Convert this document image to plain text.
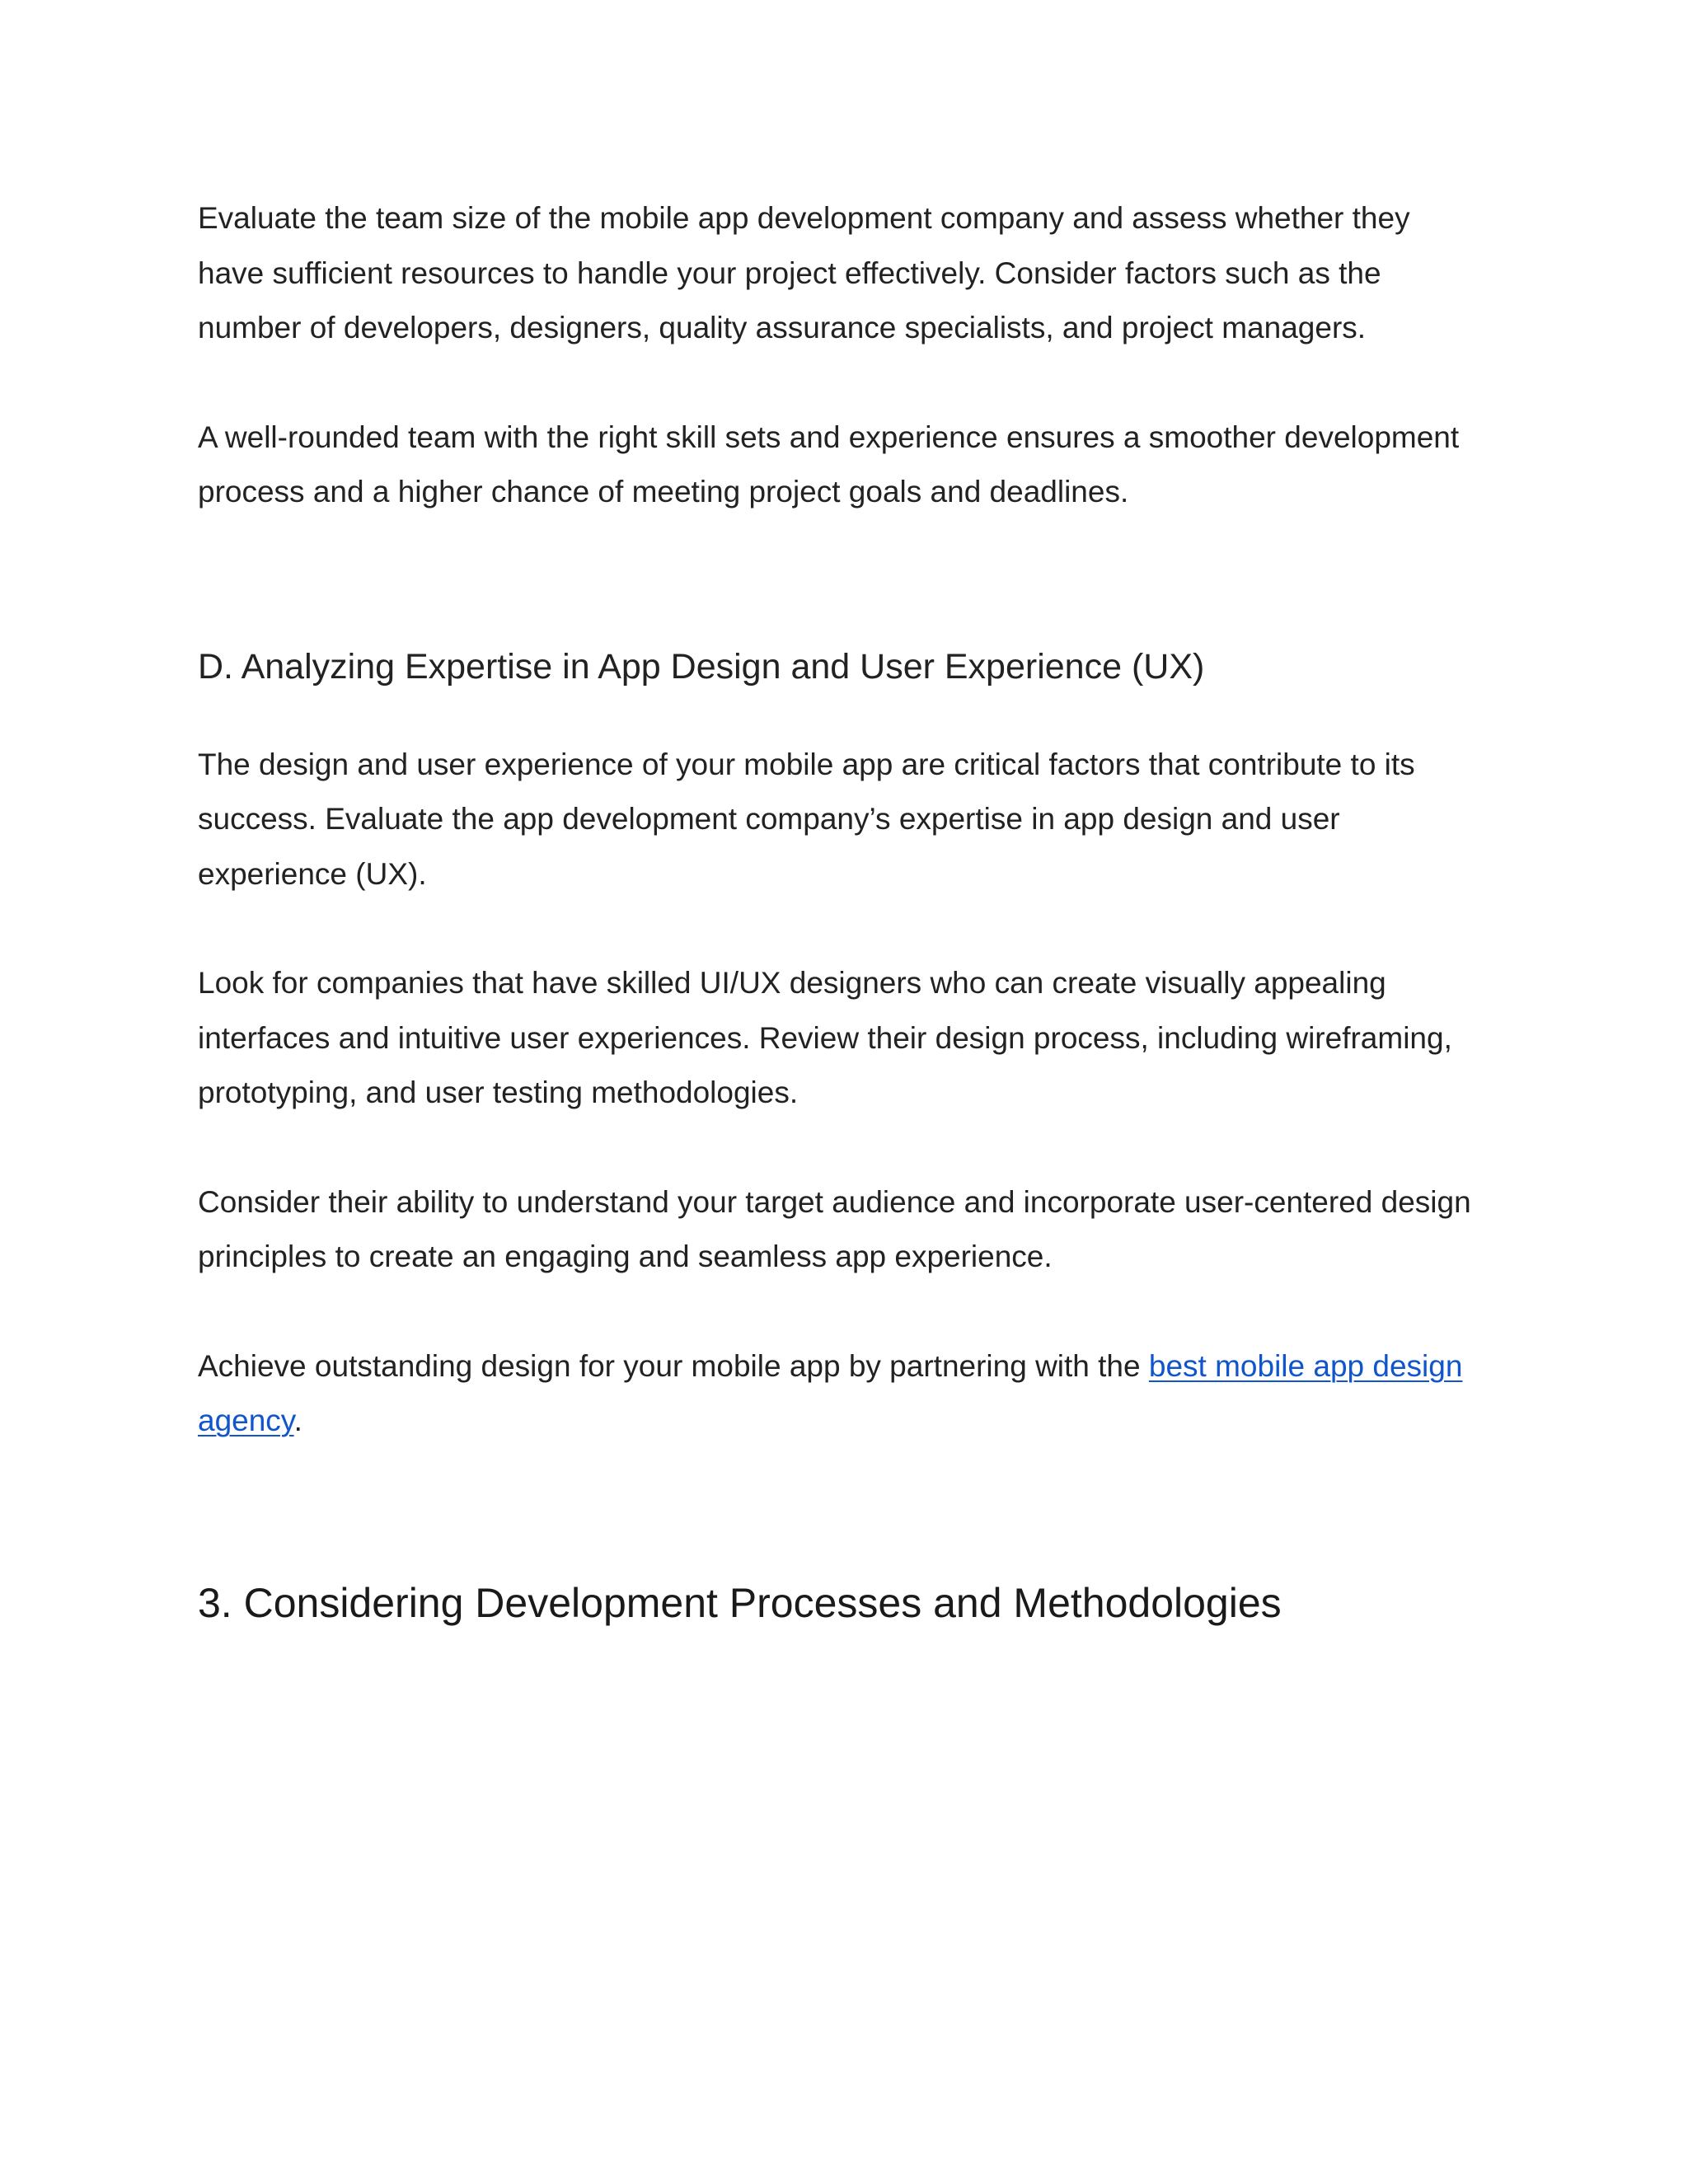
Evaluate the team size of the mobile app development company and assess whether they have sufficient resources to handle your project effectively. Consider factors such as the number of developers, designers, quality assurance specialists, and project managers.

A well-rounded team with the right skill sets and experience ensures a smoother development process and a higher chance of meeting project goals and deadlines.

D. Analyzing Expertise in App Design and User Experience (UX)

The design and user experience of your mobile app are critical factors that contribute to its success. Evaluate the app development company’s expertise in app design and user experience (UX).

Look for companies that have skilled UI/UX designers who can create visually appealing interfaces and intuitive user experiences. Review their design process, including wireframing, prototyping, and user testing methodologies.

Consider their ability to understand your target audience and incorporate user-centered design principles to create an engaging and seamless app experience.

Achieve outstanding design for your mobile app by partnering with the best mobile app design agency.

3. Considering Development Processes and Methodologies
